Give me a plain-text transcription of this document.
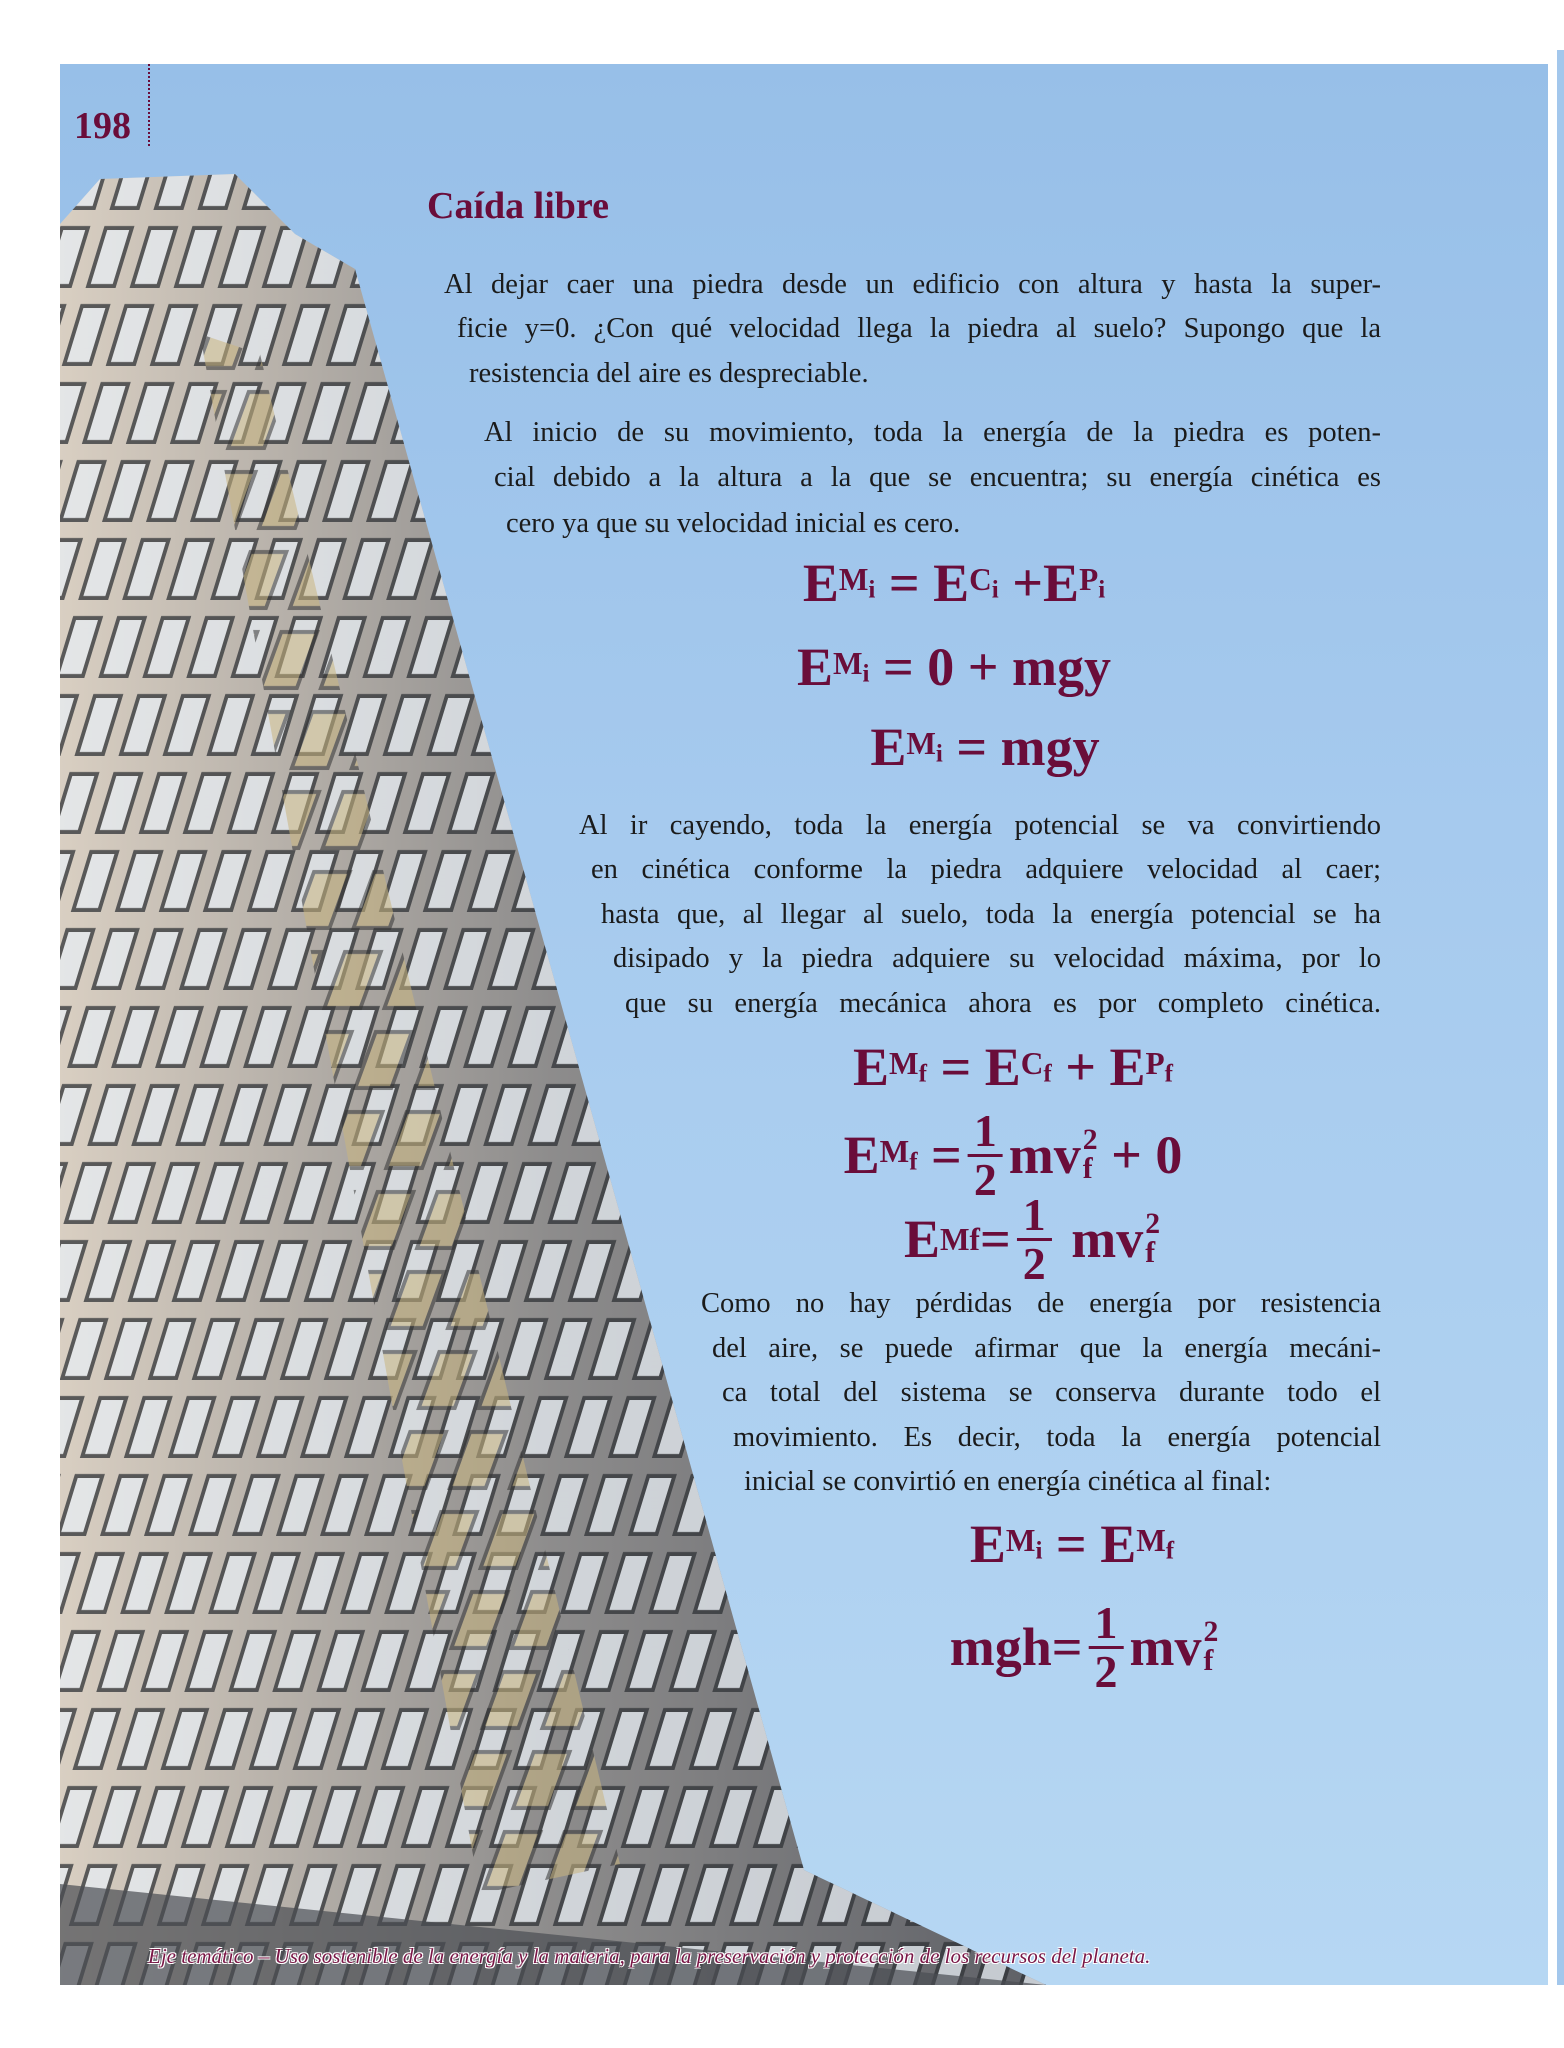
198
Caída libre
Al dejar caer una piedra desde un edificio con altura y hasta la super-
ficie y=0. ¿Con qué velocidad llega la piedra al suelo? Supongo que la
resistencia del aire es despreciable.
Al inicio de su movimiento, toda la energía de la piedra es poten-
cial debido a la altura a la que se encuentra; su energía cinética es
cero ya que su velocidad inicial es cero.
E $M_i = E$ $C_i +E$ $P_i$
E $M_i = 0$ + mgy
E $M_i$ = mgy
Al ir cayendo, toda la energía potencial se va convirtiendo
en cinética conforme la piedra adquiere velocidad al caer;
hasta que, al llegar al suelo, toda la energía potencial se ha
disipado y la piedra adquiere su velocidad máxima, por lo
que su energía mecánica ahora es por completo cinética.
E $M_f = E$ $C_f + E$ $P_f$
E $M_f = \frac{1}{2}$ mv 2
f + 0
E $Mf = \frac{1}{2}$ mv 2
f
Como no hay pérdidas de energía por resistencia
del aire, se puede afirmar que la energía mecáni-
ca total del sistema se conserva durante todo el
movimiento. Es decir, toda la energía potencial
inicial se convirtió en energía cinética al final:
E $M_i = E$ $M_f$
$mgh= \frac{1}{2}$ mv 2
f
Eje temático – Uso sostenible de la energía y la materia, para la preservación y protección de los recursos del planeta.
